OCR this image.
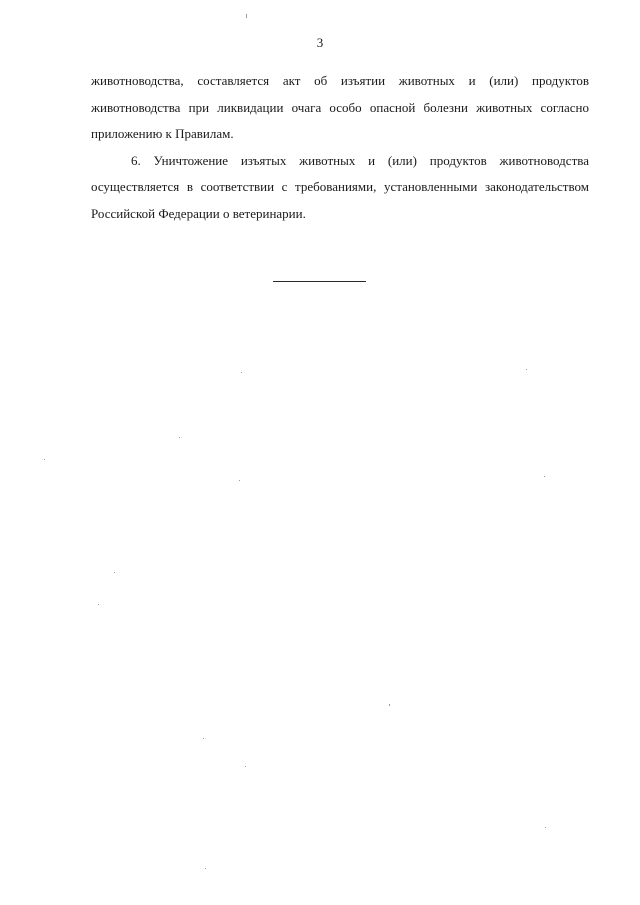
3

животноводства, составляется акт об изъятии животных и (или) продуктов животноводства при ликвидации очага особо опасной болезни животных согласно приложению к Правилам.

6. Уничтожение изъятых животных и (или) продуктов животноводства осуществляется в соответствии с требованиями, установленными законодательством Российской Федерации о ветеринарии.
